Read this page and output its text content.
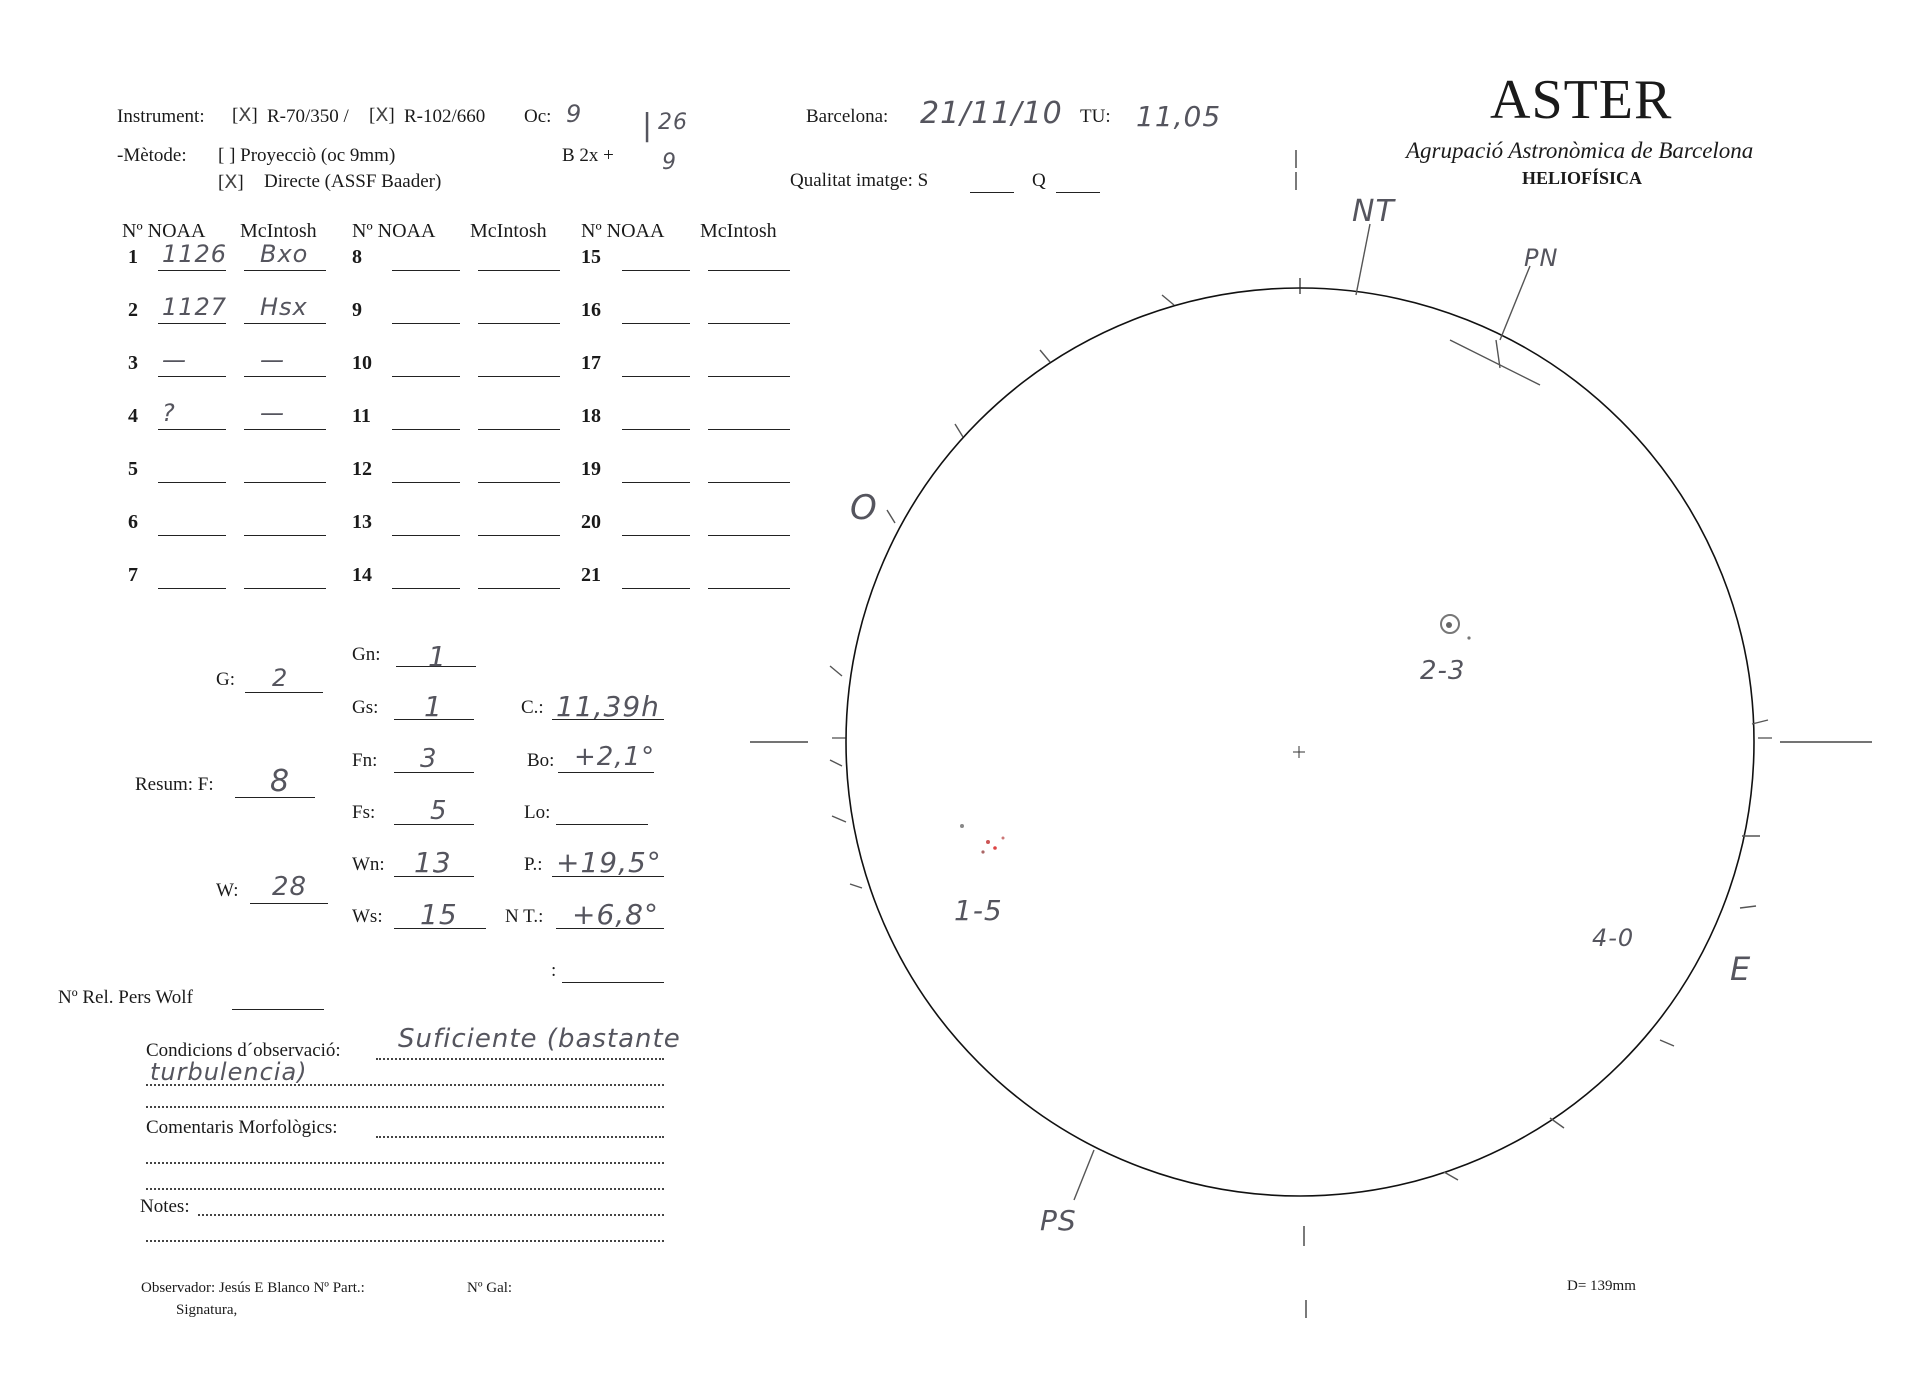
Instrument: [X] R-70/350 / [X] R-102/660 Oc: 9
-Mètode: [ ] Proyecciò (oc 9mm)
[X] Directe (ASSF Baader)
B 2x +
| 26
9
Barcelona: 21/11/10 TU: 11,05
Qualitat imatge: S	Q
ASTER
Agrupació Astronòmica de Barcelona
HELIOFÍSICA
Nº NOAA McIntosh Nº NOAA McIntosh Nº NOAA McIntosh
1 1126 Bxo
2 1127 Hsx
3 —	—
4 ?	—
5
6
7
8
9
10
11
12
13
14
15
16
17
18
19
20
21
G: 2
Resum: F: 8
W: 28
Gn: 1
Gs: 1
Fn: 3
Fs: 5
Wn: 13
Ws: 15
C.: 11,39h
Bo: +2,1°
Lo:
P.: +19,5°
N T.: +6,8°
:
Nº Rel. Pers Wolf
Condicions d´observació: Suficiente (bastante
turbulencia)
Comentaris Morfològics:
Notes:
Observador: Jesús E Blanco Nº Part.:	Nº Gal:
Signatura,
D= 139mm
NT
PN
O
E
PS
2-3
1-5
4-0
